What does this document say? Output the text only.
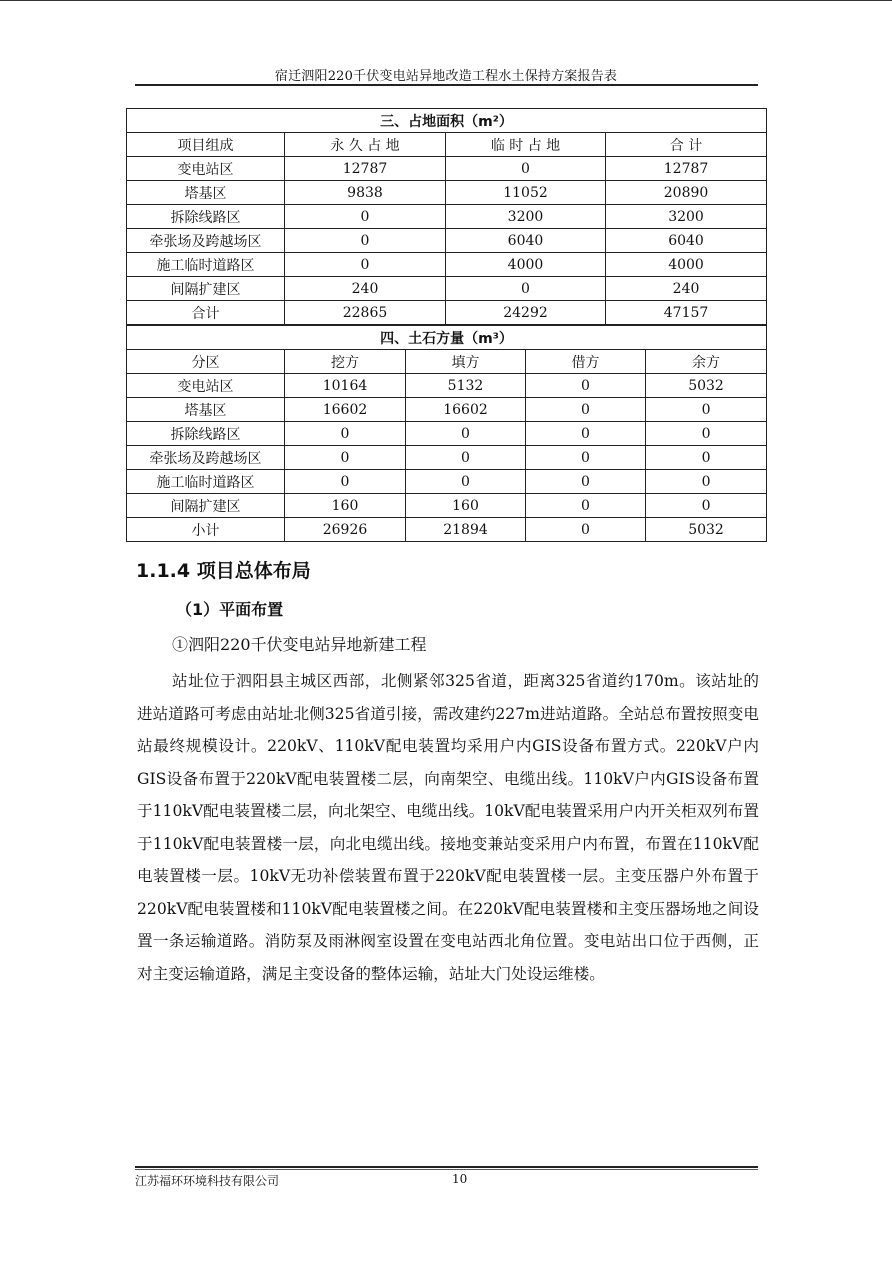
宿迁泗阳220千伏变电站异地改造工程水土保持方案报告表
三、占地面积（m²）			
项目组成	永 久 占 地	临 时 占 地	合 计
变电站区	12787	0	12787
塔基区	9838	11052	20890
拆除线路区	0	3200	3200
牵张场及跨越场区	0	6040	6040
施工临时道路区	0	4000	4000
间隔扩建区	240	0	240
合计	22865	24292	47157
四、土石方量（m³）				
分区	挖方	填方	借方	余方
变电站区	10164	5132	0	5032
塔基区	16602	16602	0	0
拆除线路区	0	0	0	0
牵张场及跨越场区	0	0	0	0
施工临时道路区	0	0	0	0
间隔扩建区	160	160	0	0
小计	26926	21894	0	5032
1.1.4 项目总体布局
（1）平面布置
①泗阳220千伏变电站异地新建工程

站址位于泗阳县主城区西部，北侧紧邻325省道，距离325省道约170m。该站址的进站道路可考虑由站址北侧325省道引接，需改建约227m进站道路。全站总布置按照变电站最终规模设计。220kV、110kV配电装置均采用户内GIS设备布置方式。220kV户内GIS设备布置于220kV配电装置楼二层，向南架空、电缆出线。110kV户内GIS设备布置于110kV配电装置楼二层，向北架空、电缆出线。10kV配电装置采用户内开关柜双列布置于110kV配电装置楼一层，向北电缆出线。接地变兼站变采用户内布置，布置在110kV配电装置楼一层。10kV无功补偿装置布置于220kV配电装置楼一层。主变压器户外布置于220kV配电装置楼和110kV配电装置楼之间。在220kV配电装置楼和主变压器场地之间设置一条运输道路。消防泵及雨淋阀室设置在变电站西北角位置。变电站出口位于西侧，正对主变运输道路，满足主变设备的整体运输，站址大门处设运维楼。

江苏福环环境科技有限公司	10
